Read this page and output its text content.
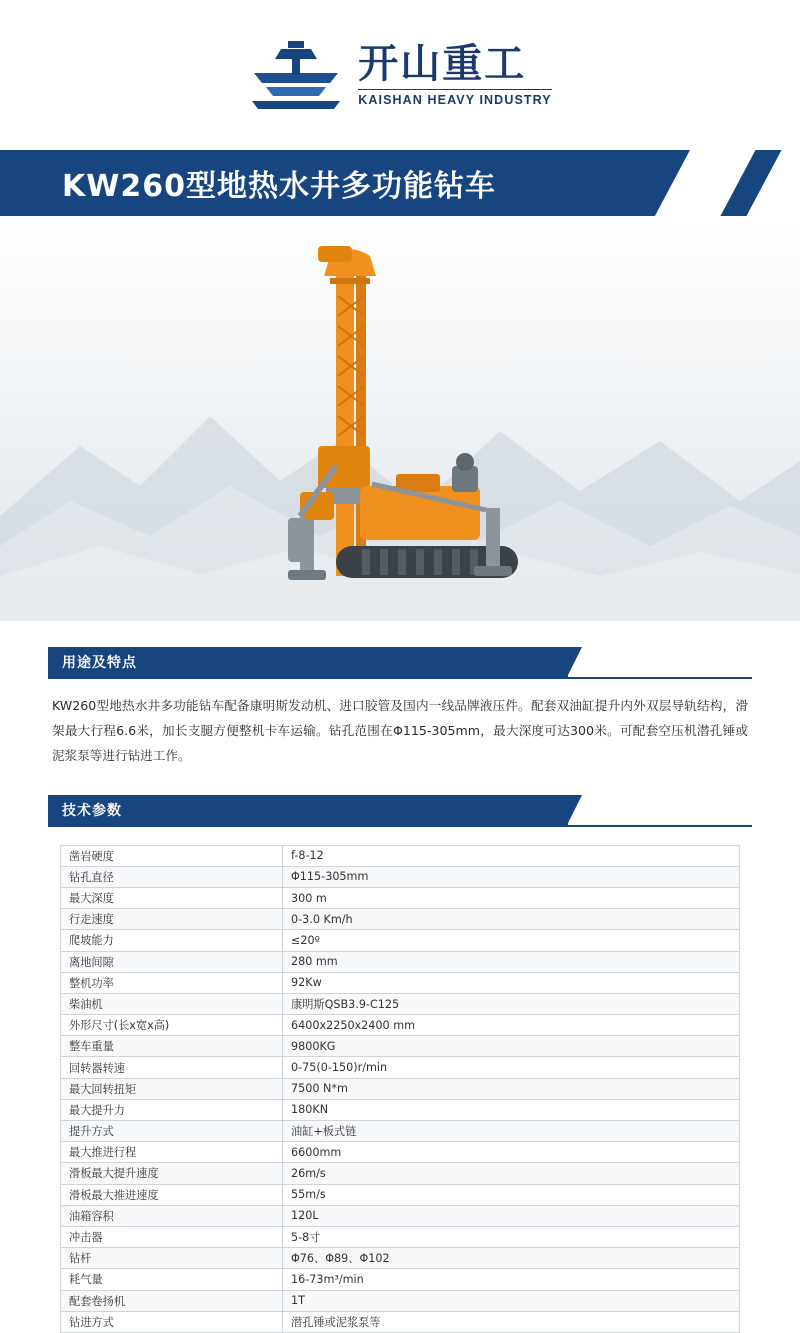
开山重工
KAISHAN HEAVY INDUSTRY
KW260型地热水井多功能钻车
用途及特点

KW260型地热水井多功能钻车配备康明斯发动机、进口胶管及国内一线品牌液压件。配套双油缸提升内外双层导轨结构，滑架最大行程6.6米，加长支腿方便整机卡车运输。钻孔范围在Φ115-305mm，最大深度可达300米。可配套空压机潜孔锤或泥浆泵等进行钻进工作。

技术参数
凿岩硬度	f-8-12
钻孔直径	Φ115-305mm
最大深度	300 m
行走速度	0-3.0 Km/h
爬坡能力	≤20º
离地间隙	280 mm
整机功率	92Kw
柴油机	康明斯QSB3.9-C125
外形尺寸(长x宽x高)	6400x2250x2400 mm
整车重量	9800KG
回转器转速	0-75(0-150)r/min
最大回转扭矩	7500 N*m
最大提升力	180KN
提升方式	油缸+板式链
最大推进行程	6600mm
滑板最大提升速度	26m/s
滑板最大推进速度	55m/s
油箱容积	120L
冲击器	5-8寸
钻杆	Φ76、Φ89、Φ102
耗气量	16-73m³/min
配套卷扬机	1T
钻进方式	潜孔锤或泥浆泵等
